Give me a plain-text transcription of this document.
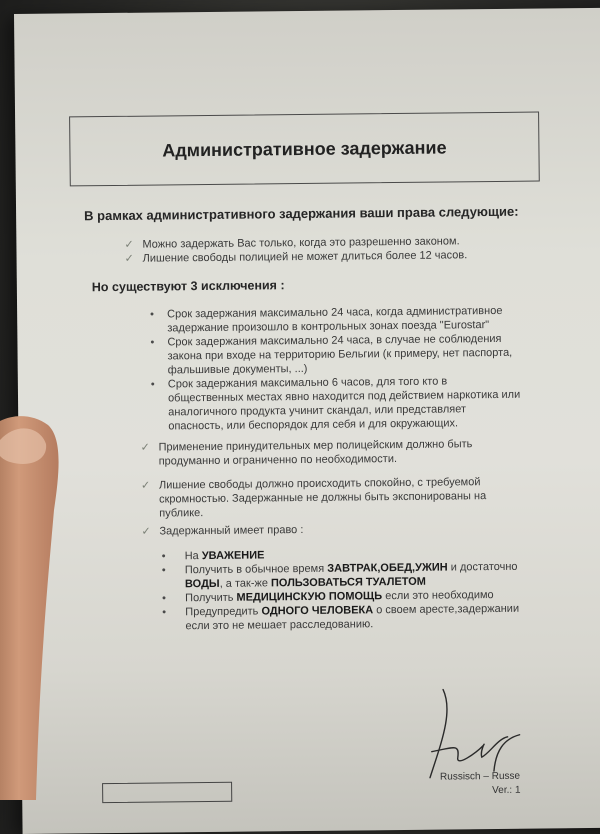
Административное задержание
В рамках административного задержания ваши права следующие:
✓ Можно задержать Вас только, когда это разрешенно законом.
✓ Лишение свободы полицией не может длиться более 12 часов.
Но существуют 3 исключения :
• Срок задержания максимально 24 часа, когда административное
задержание произошло в контрольных зонах поезда "Eurostar"
• Срок задержания максимально 24 часа, в случае не соблюдения
закона при входе на территорию Бельгии (к примеру, нет паспорта,
фальшивые документы, ...)
• Срок задержания максимально 6 часов, для того кто в
общественных местах явно находится под действием наркотика или
аналогичного продукта учинит скандал, или представляет
опасность, или беспорядок для себя и для окружающих.
✓ Применение принудительных мер полицейским должно быть
продуманно и ограниченно по необходимости.
✓ Лишение свободы должно происходить спокойно, с требуемой
скромностью. Задержанные не должны быть экспонированы на
публике.
✓ Задержанный имеет право :
• На УВАЖЕНИЕ
• Получить в обычное время ЗАВТРАК,ОБЕД,УЖИН и достаточно
ВОДЫ, а так-же ПОЛЬЗОВАТЬСЯ ТУАЛЕТОМ
• Получить МЕДИЦИНСКУЮ ПОМОЩЬ если это необходимо
• Предупредить ОДНОГО ЧЕЛОВЕКА о своем аресте,задержании
если это не мешает расследованию.
Russisch – Russe
Ver.: 1
